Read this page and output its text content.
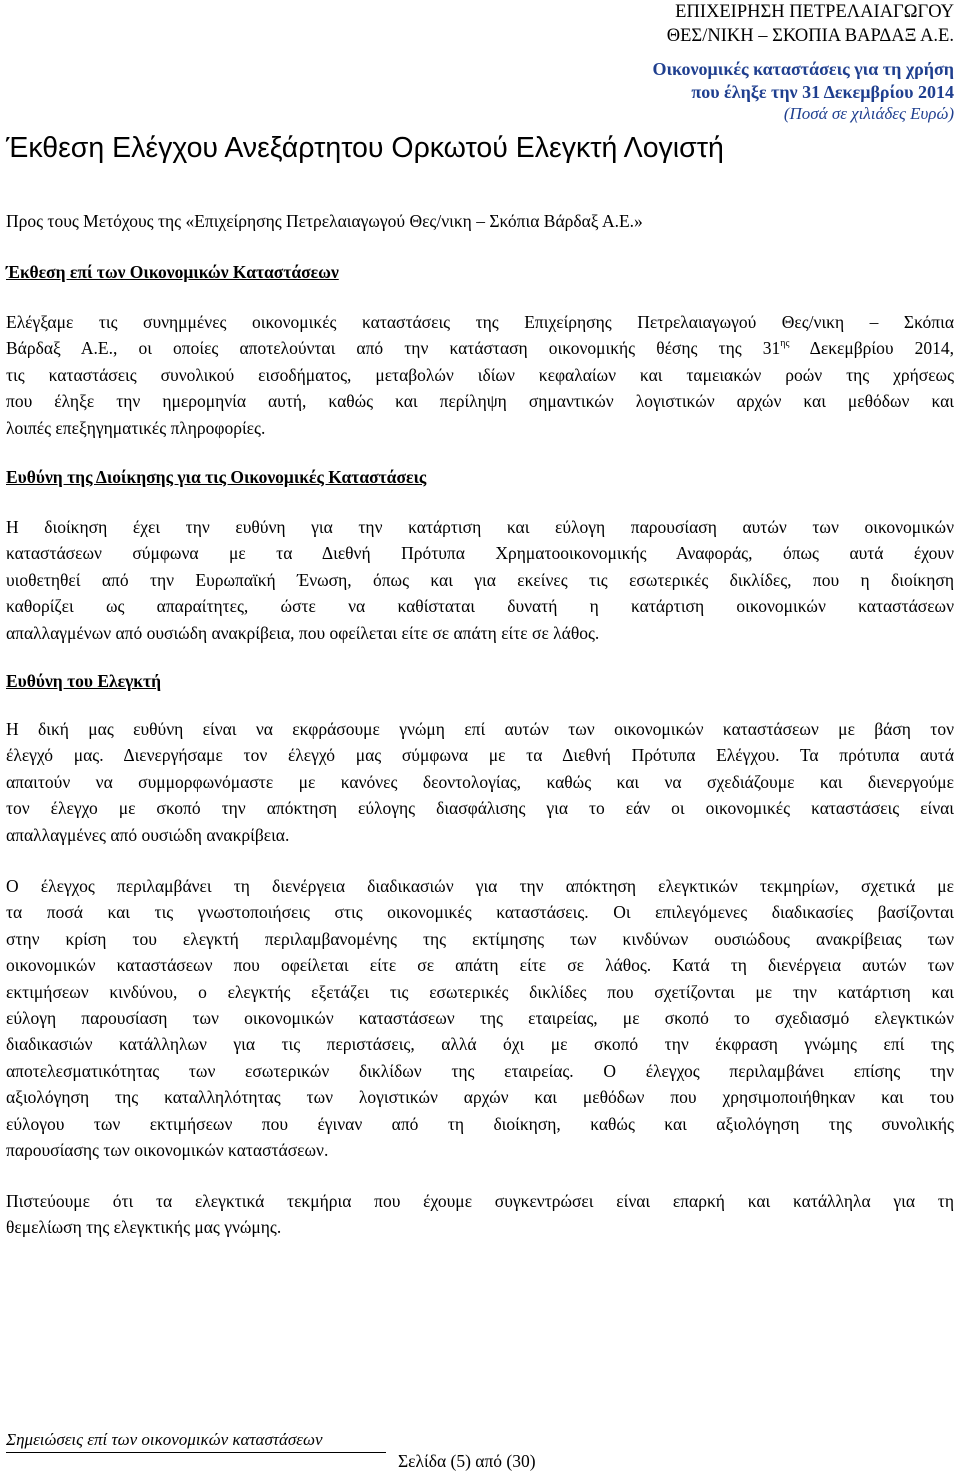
ΕΠΙΧΕΙΡΗΣΗ ΠΕΤΡΕΛΑΙΑΓΩΓΟΥ
ΘΕΣ/ΝΙΚΗ – ΣΚΟΠΙΑ ΒΑΡΔΑΞ Α.Ε.
Οικονομικές καταστάσεις για τη χρήση
που έληξε την 31 Δεκεμβρίου 2014
(Ποσά σε χιλιάδες Ευρώ)
Έκθεση Ελέγχου Ανεξάρτητου Ορκωτού Ελεγκτή Λογιστή
Προς τους Μετόχους της «Επιχείρησης Πετρελαιαγωγού Θες/νικη – Σκόπια Βάρδαξ Α.Ε.»
Έκθεση επί των Οικονομικών Καταστάσεων
Ελέγξαμε τις συνημμένες οικονομικές καταστάσεις της Επιχείρησης Πετρελαιαγωγού Θες/νικη – Σκόπια
Βάρδαξ Α.Ε., οι οποίες αποτελούνται από την κατάσταση οικονομικής θέσης της $31^{\eta\varsigma}$ Δεκεμβρίου 2014,
τις καταστάσεις συνολικού εισοδήματος, μεταβολών ιδίων κεφαλαίων και ταμειακών ροών της χρήσεως
που έληξε την ημερομηνία αυτή, καθώς και περίληψη σημαντικών λογιστικών αρχών και μεθόδων και
λοιπές επεξηγηματικές πληροφορίες.
Ευθύνη της Διοίκησης για τις Οικονομικές Καταστάσεις
Η διοίκηση έχει την ευθύνη για την κατάρτιση και εύλογη παρουσίαση αυτών των οικονομικών
καταστάσεων σύμφωνα με τα Διεθνή Πρότυπα Χρηματοοικονομικής Αναφοράς, όπως αυτά έχουν
υιοθετηθεί από την Ευρωπαϊκή Ένωση, όπως και για εκείνες τις εσωτερικές δικλίδες, που η διοίκηση
καθορίζει ως απαραίτητες, ώστε να καθίσταται δυνατή η κατάρτιση οικονομικών καταστάσεων
απαλλαγμένων από ουσιώδη ανακρίβεια, που οφείλεται είτε σε απάτη είτε σε λάθος.
Ευθύνη του Ελεγκτή
Η δική μας ευθύνη είναι να εκφράσουμε γνώμη επί αυτών των οικονομικών καταστάσεων με βάση τον
έλεγχό μας. Διενεργήσαμε τον έλεγχό μας σύμφωνα με τα Διεθνή Πρότυπα Ελέγχου. Τα πρότυπα αυτά
απαιτούν να συμμορφωνόμαστε με κανόνες δεοντολογίας, καθώς και να σχεδιάζουμε και διενεργούμε
τον έλεγχο με σκοπό την απόκτηση εύλογης διασφάλισης για το εάν οι οικονομικές καταστάσεις είναι
απαλλαγμένες από ουσιώδη ανακρίβεια.
Ο έλεγχος περιλαμβάνει τη διενέργεια διαδικασιών για την απόκτηση ελεγκτικών τεκμηρίων, σχετικά με
τα ποσά και τις γνωστοποιήσεις στις οικονομικές καταστάσεις. Οι επιλεγόμενες διαδικασίες βασίζονται
στην κρίση του ελεγκτή περιλαμβανομένης της εκτίμησης των κινδύνων ουσιώδους ανακρίβειας των
οικονομικών καταστάσεων που οφείλεται είτε σε απάτη είτε σε λάθος. Κατά τη διενέργεια αυτών των
εκτιμήσεων κινδύνου, ο ελεγκτής εξετάζει τις εσωτερικές δικλίδες που σχετίζονται με την κατάρτιση και
εύλογη παρουσίαση των οικονομικών καταστάσεων της εταιρείας, με σκοπό το σχεδιασμό ελεγκτικών
διαδικασιών κατάλληλων για τις περιστάσεις, αλλά όχι με σκοπό την έκφραση γνώμης επί της
αποτελεσματικότητας των εσωτερικών δικλίδων της εταιρείας. Ο έλεγχος περιλαμβάνει επίσης την
αξιολόγηση της καταλληλότητας των λογιστικών αρχών και μεθόδων που χρησιμοποιήθηκαν και του
εύλογου των εκτιμήσεων που έγιναν από τη διοίκηση, καθώς και αξιολόγηση της συνολικής
παρουσίασης των οικονομικών καταστάσεων.
Πιστεύουμε ότι τα ελεγκτικά τεκμήρια που έχουμε συγκεντρώσει είναι επαρκή και κατάλληλα για τη
θεμελίωση της ελεγκτικής μας γνώμης.
Σημειώσεις επί των οικονομικών καταστάσεων
Σελίδα (5) από (30)
